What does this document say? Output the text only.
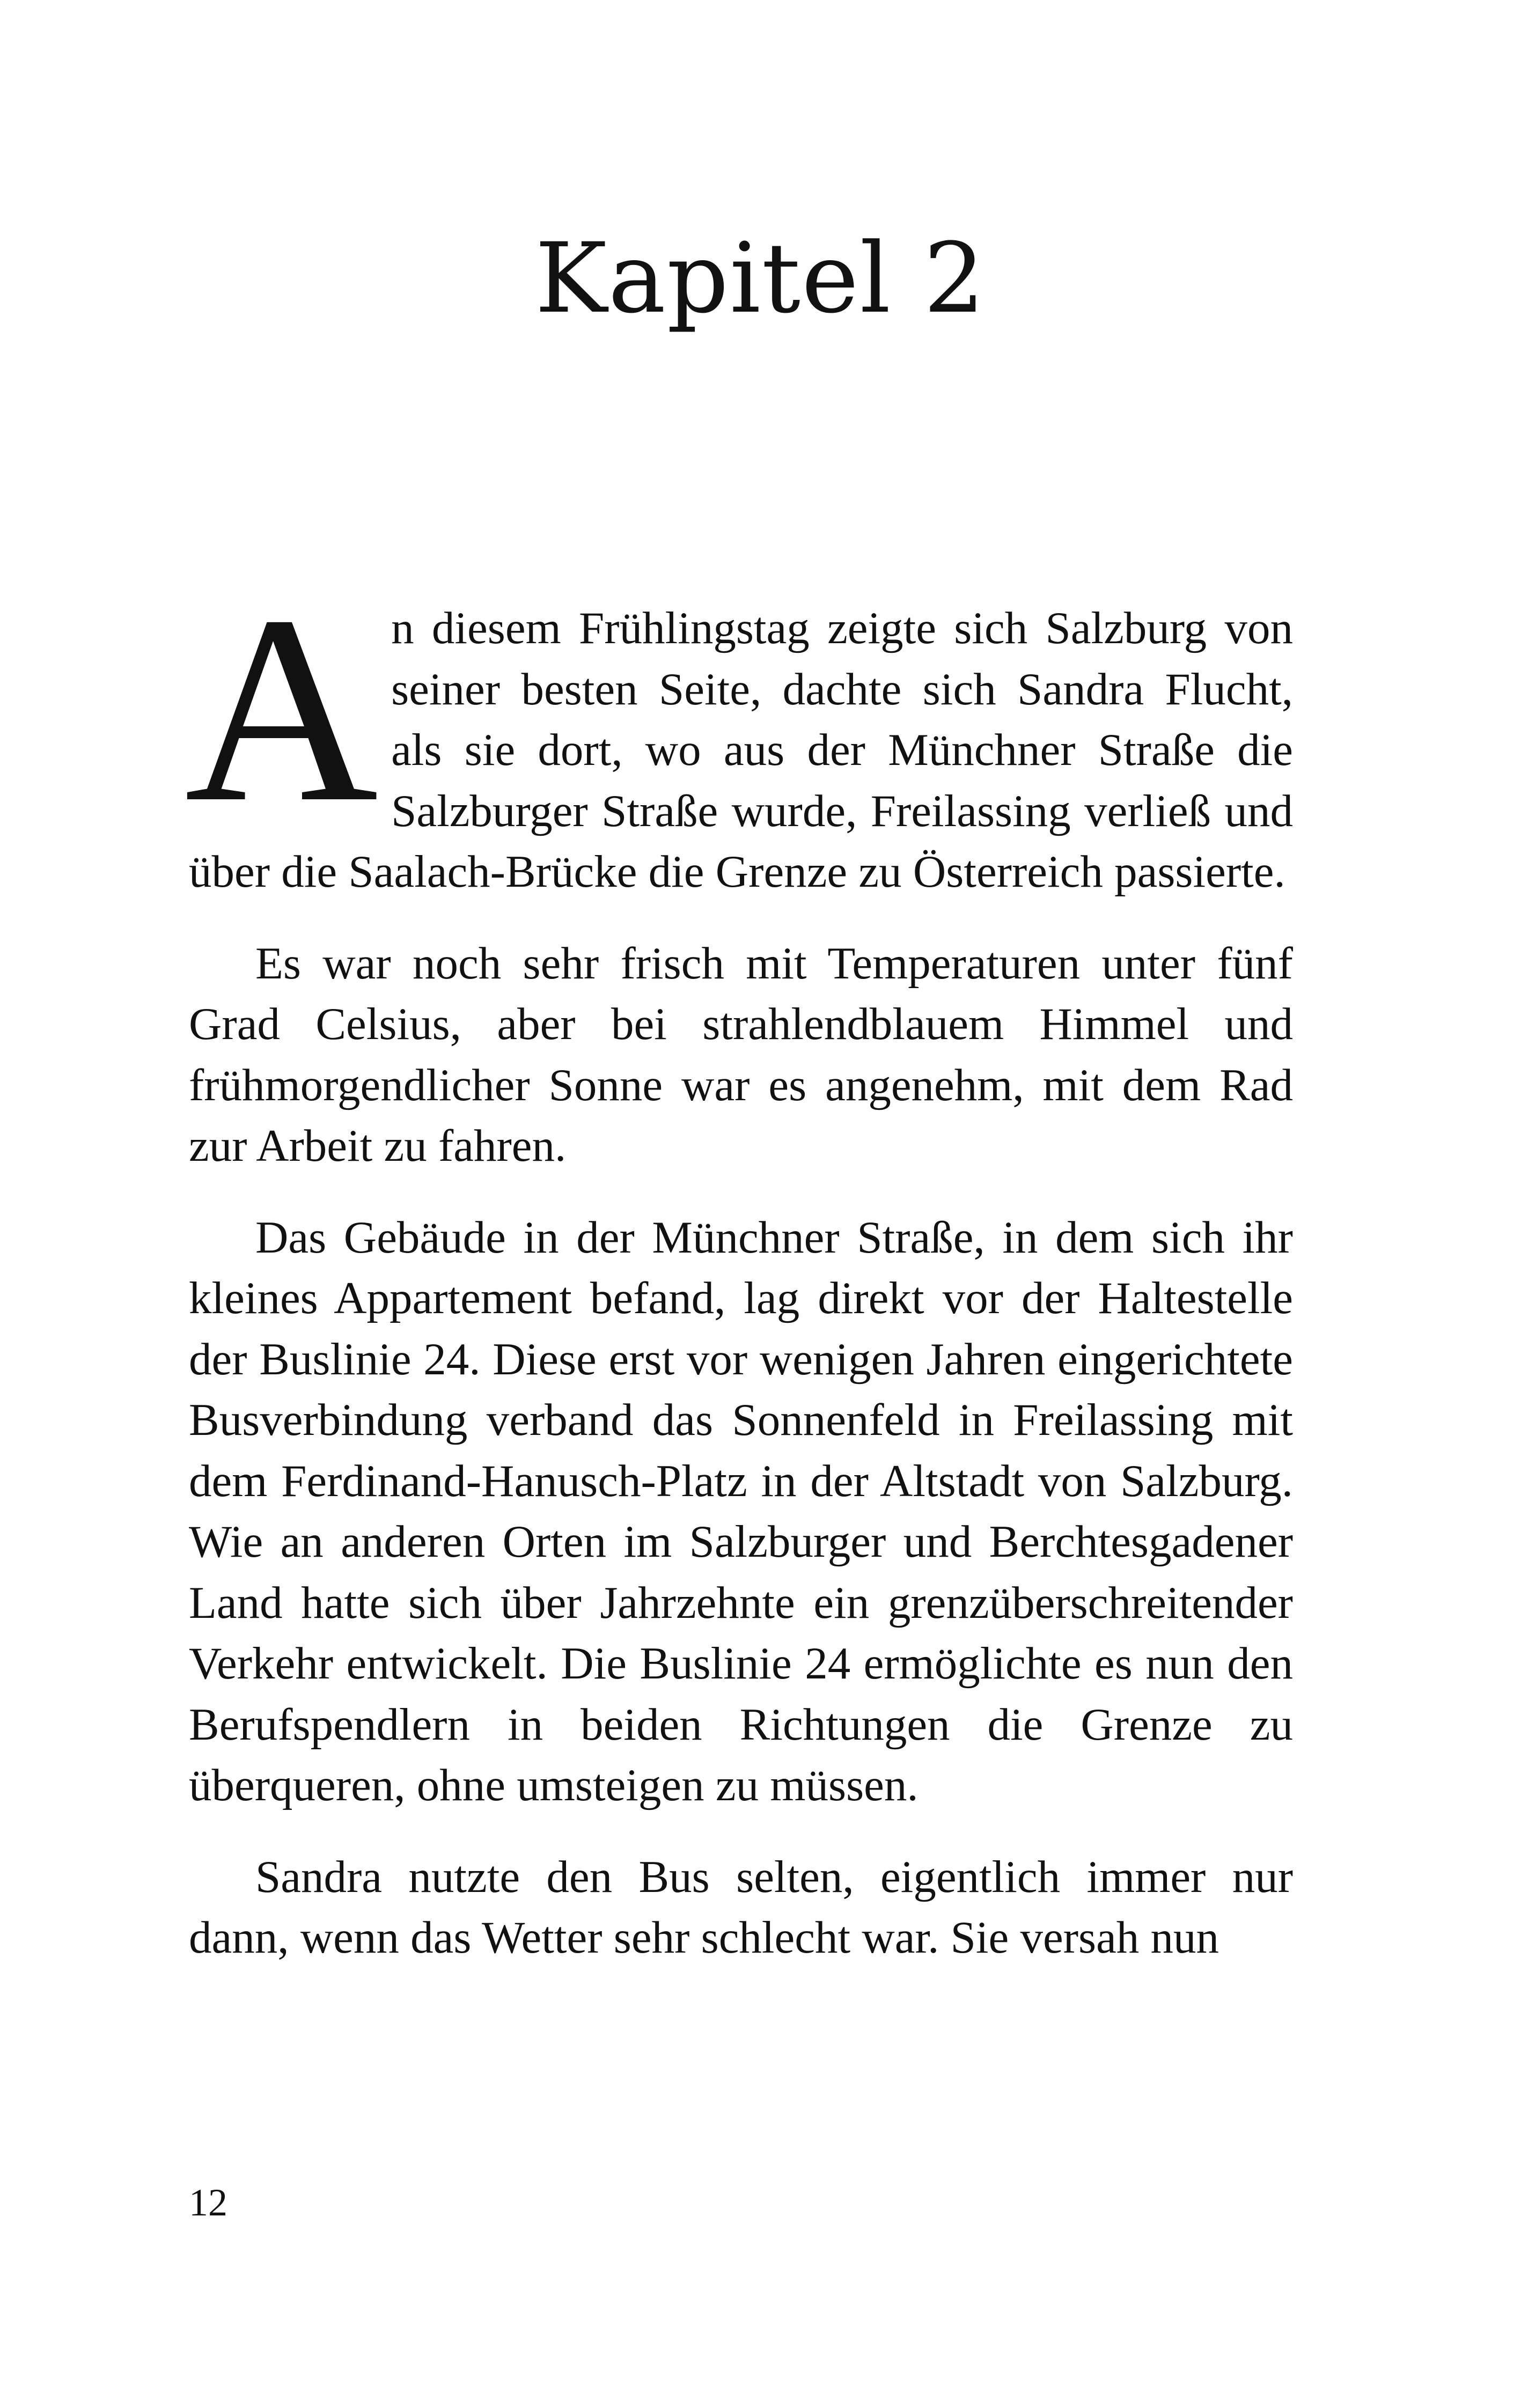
Kapitel 2

An diesem Frühlingstag zeigte sich Salzburg von seiner besten Seite, dachte sich Sandra Flucht, als sie dort, wo aus der Münchner Straße die Salzburger Straße wurde, Freilassing verließ und über die Saalach-Brücke die Grenze zu Österreich passierte.

Es war noch sehr frisch mit Temperaturen unter fünf Grad Celsius, aber bei strahlendblauem Himmel und frühmorgendlicher Sonne war es angenehm, mit dem Rad zur Arbeit zu fahren.

Das Gebäude in der Münchner Straße, in dem sich ihr kleines Appartement befand, lag direkt vor der Haltestelle der Buslinie 24. Diese erst vor wenigen Jahren eingerichtete Busverbindung verband das Sonnenfeld in Freilassing mit dem Ferdinand-Hanusch-Platz in der Altstadt von Salzburg. Wie an anderen Orten im Salzburger und Berchtesgadener Land hatte sich über Jahrzehnte ein grenzüberschreitender Verkehr entwickelt. Die Buslinie 24 ermöglichte es nun den Berufspendlern in beiden Richtungen die Grenze zu überqueren, ohne umsteigen zu müssen.

Sandra nutzte den Bus selten, eigentlich immer nur dann, wenn das Wetter sehr schlecht war. Sie versah nun

12
